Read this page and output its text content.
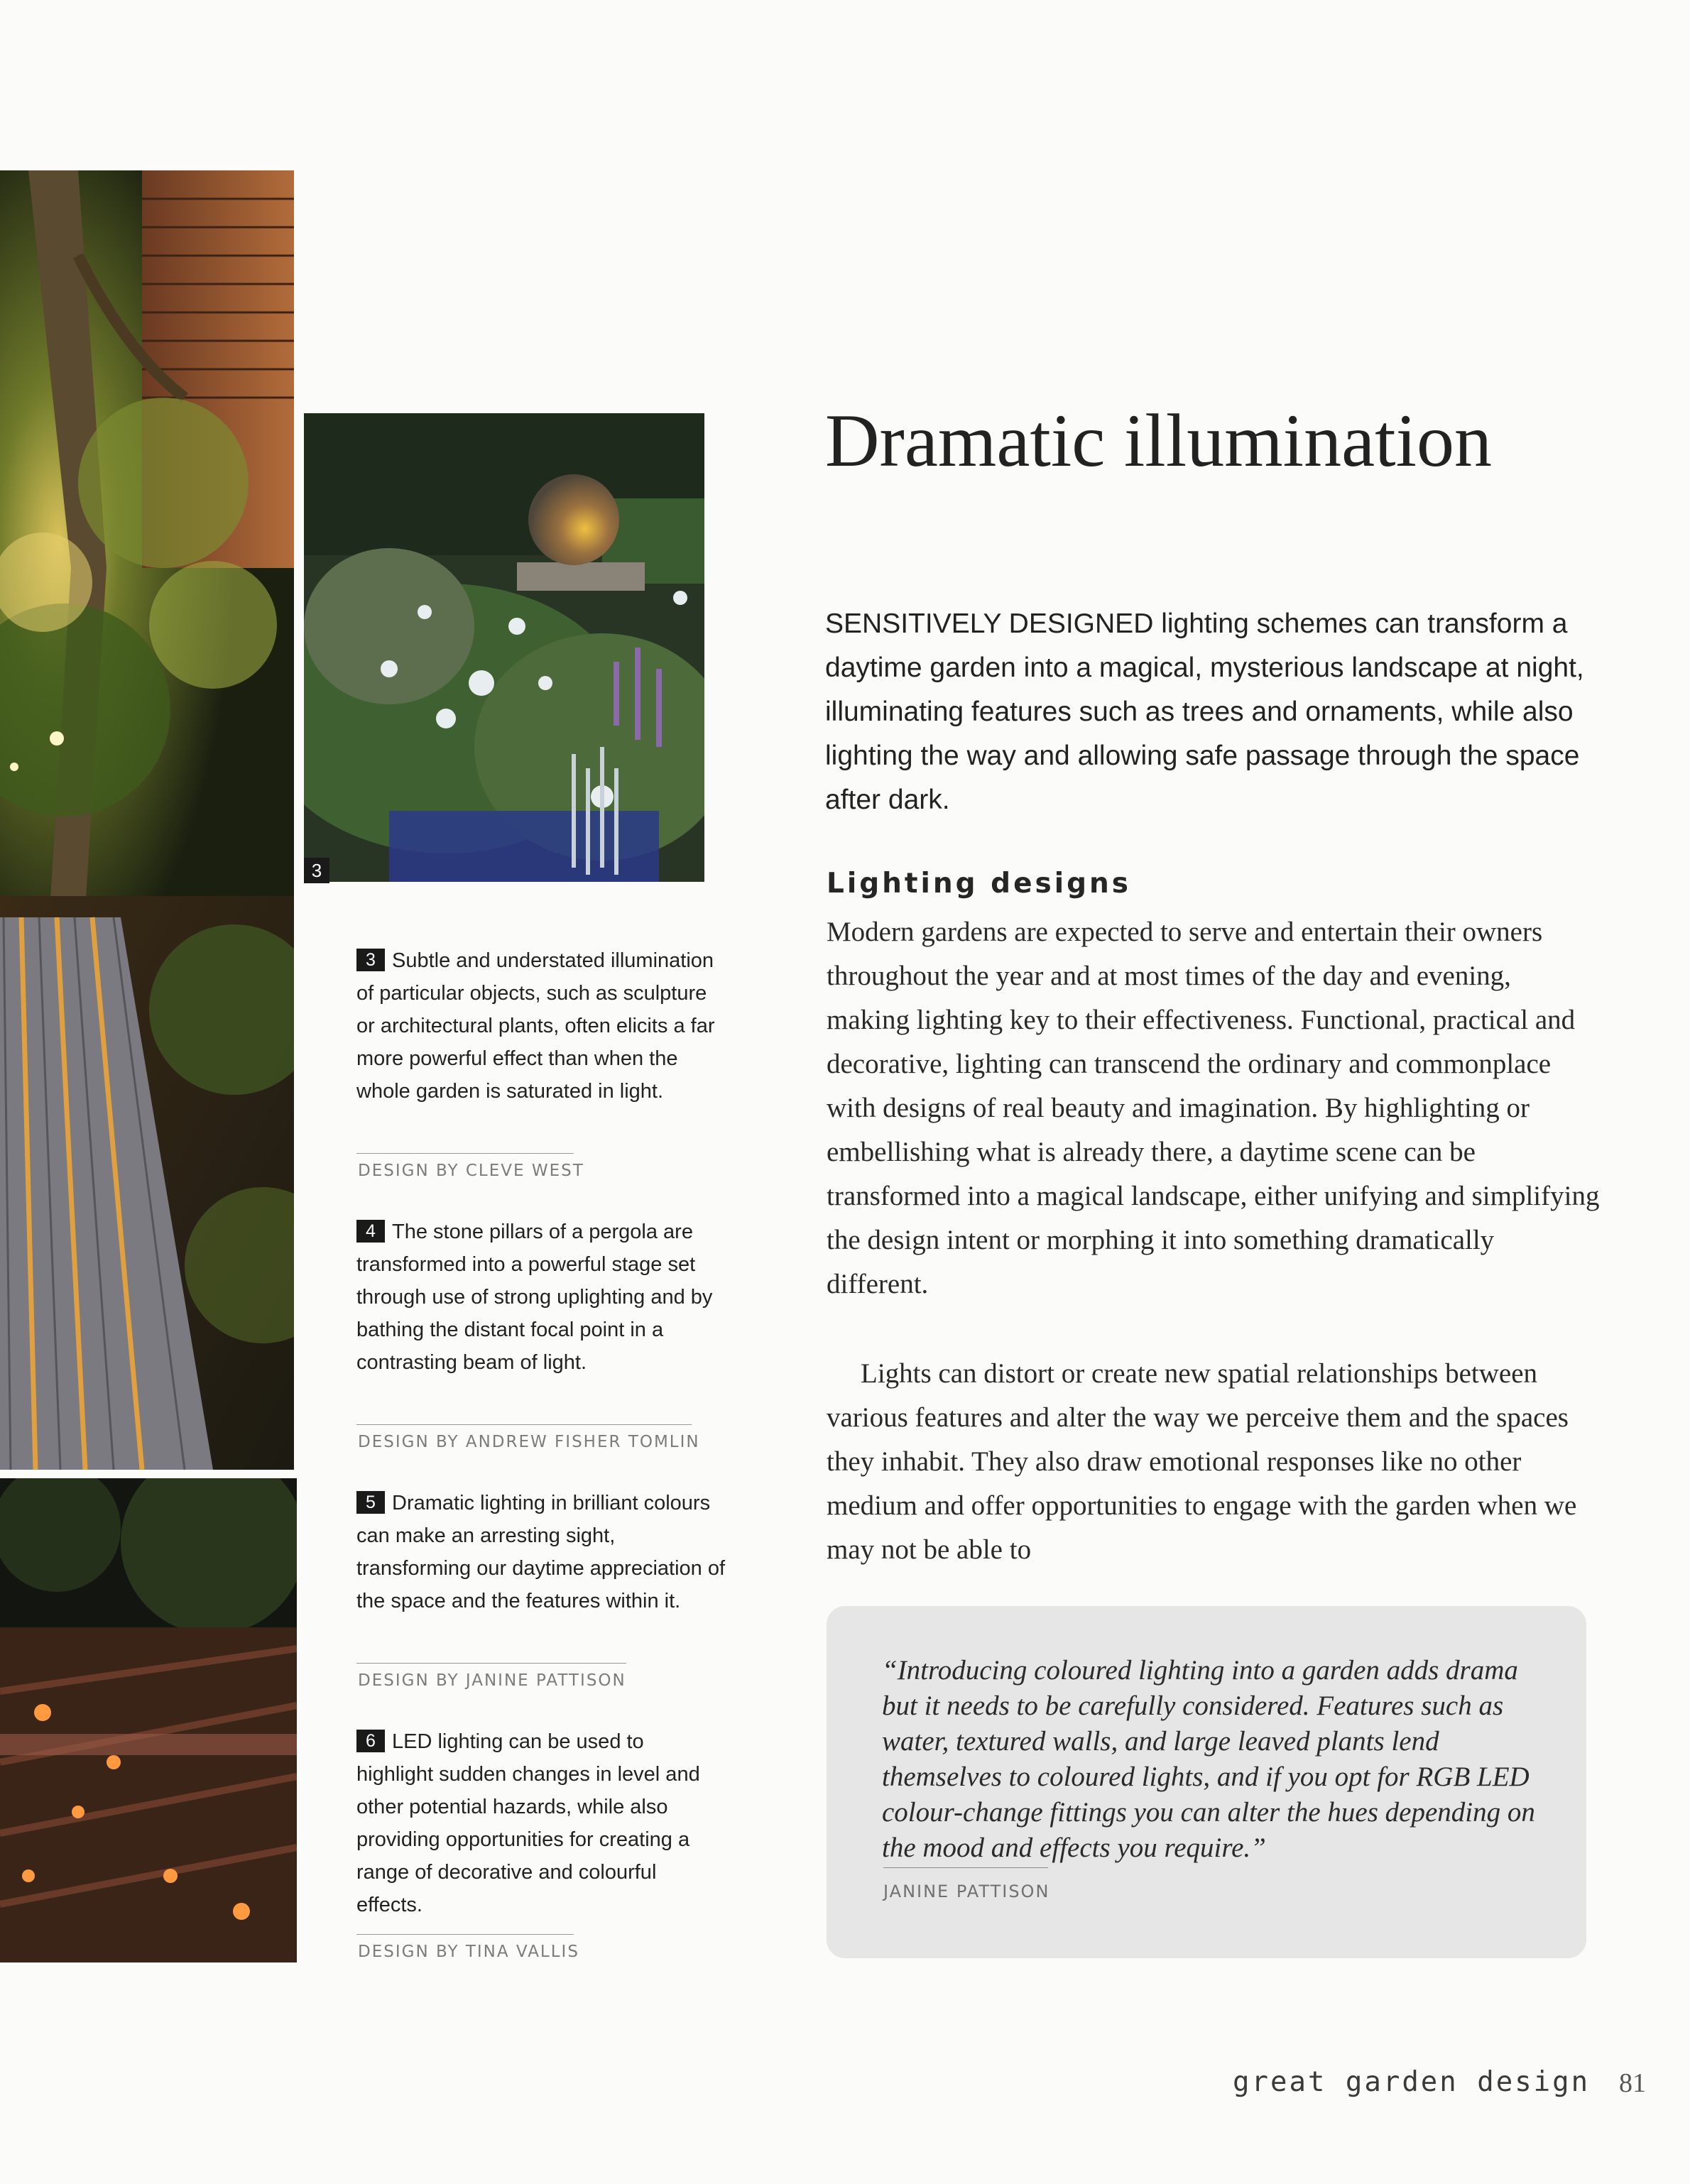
3
3 Subtle and understated illumination of particular objects, such as sculpture or architectural plants, often elicits a far more powerful effect than when the whole garden is saturated in light.
DESIGN BY CLEVE WEST
4 The stone pillars of a pergola are transformed into a powerful stage set through use of strong uplighting and by bathing the distant focal point in a contrasting beam of light.
DESIGN BY ANDREW FISHER TOMLIN
5 Dramatic lighting in brilliant colours can make an arresting sight, transforming our daytime appreciation of the space and the features within it.
DESIGN BY JANINE PATTISON
6 LED lighting can be used to highlight sudden changes in level and other potential hazards, while also providing opportunities for creating a range of decorative and colourful effects.
DESIGN BY TINA VALLIS
Dramatic illumination

SENSITIVELY DESIGNED lighting schemes can transform a daytime garden into a magical, mysterious landscape at night, illuminating features such as trees and ornaments, while also lighting the way and allowing safe passage through the space after dark.

Lighting designs

Modern gardens are expected to serve and entertain their owners throughout the year and at most times of the day and evening, making lighting key to their effectiveness. Functional, practical and decorative, lighting can transcend the ordinary and commonplace with designs of real beauty and imagination. By highlighting or embellishing what is already there, a daytime scene can be transformed into a magical landscape, either unifying and simplifying the design intent or morphing it into something dramatically different.

Lights can distort or create new spatial relationships between various features and alter the way we perceive them and the spaces they inhabit. They also draw emotional responses like no other medium and offer opportunities to engage with the garden when we may not be able to

“Introducing coloured lighting into a garden adds drama but it needs to be carefully considered. Features such as water, textured walls, and large leaved plants lend themselves to coloured lights, and if you opt for RGB LED colour-change fittings you can alter the hues depending on the mood and effects you require.”

JANINE PATTISON
great garden design 81
